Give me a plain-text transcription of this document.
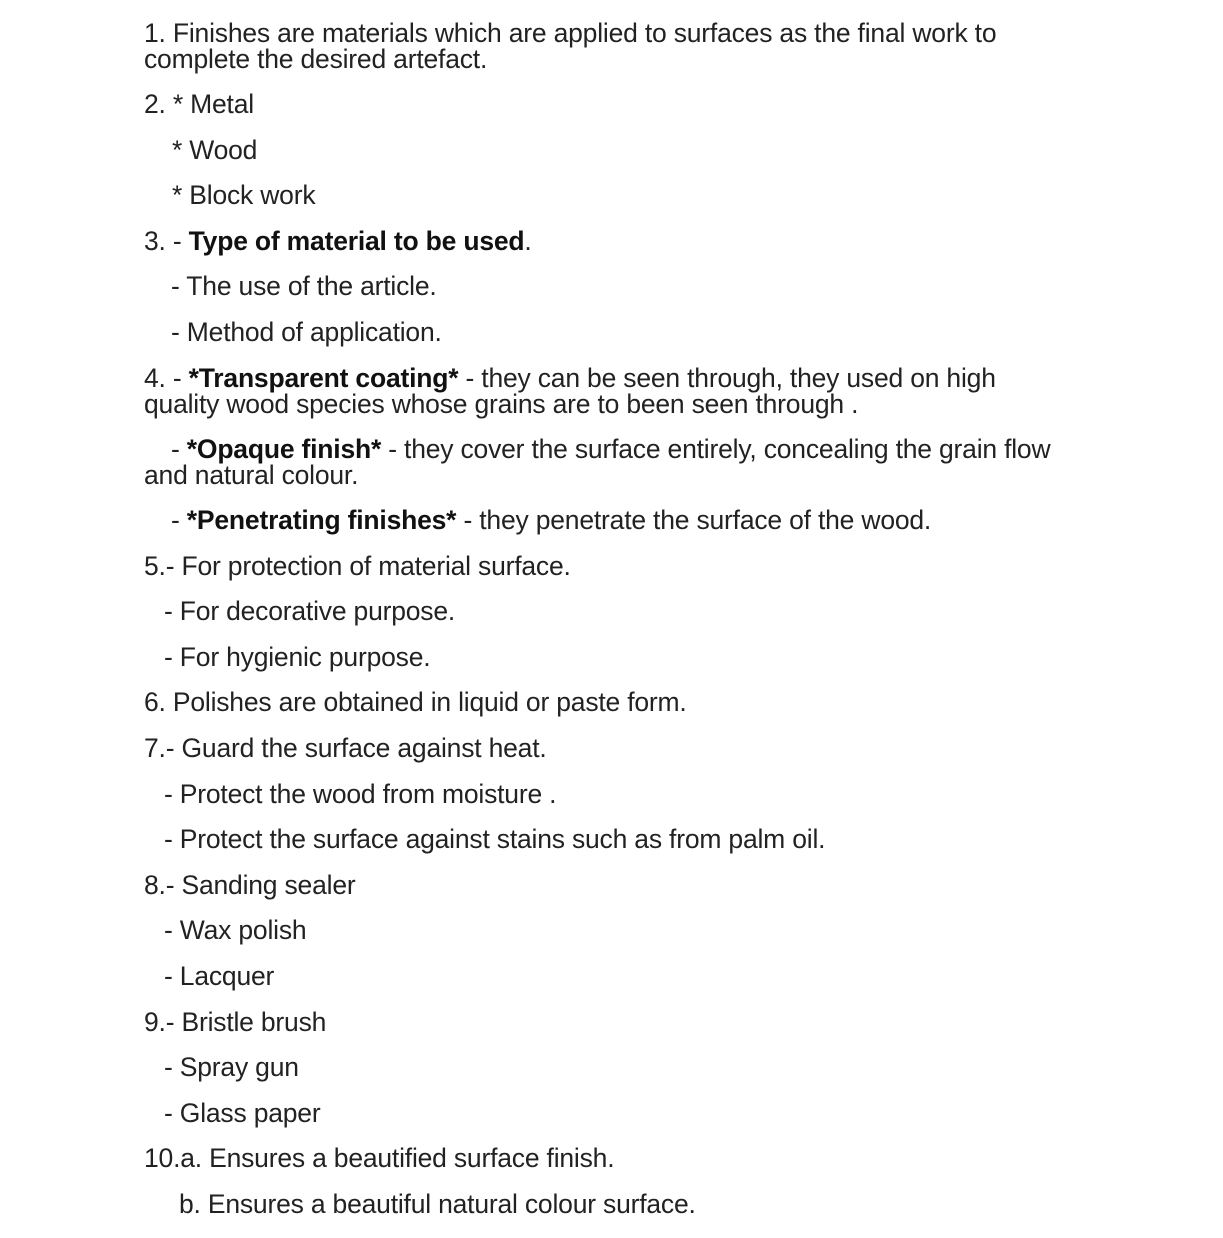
1. Finishes are materials which are applied to surfaces as the final work to complete the desired artefact.
2. * Metal
* Wood
* Block work
3. - Type of material to be used.
- The use of the article.
- Method of application.
4. - *Transparent coating* - they can be seen through, they used on high quality wood species whose grains are to been seen through .
- *Opaque finish* - they cover the surface entirely, concealing the grain flow and natural colour.
- *Penetrating finishes* - they penetrate the surface of the wood.
5.- For protection of material surface.
- For decorative purpose.
- For hygienic purpose.
6. Polishes are obtained in liquid or paste form.
7.- Guard the surface against heat.
- Protect the wood from moisture .
- Protect the surface against stains such as from palm oil.
8.- Sanding sealer
- Wax polish
- Lacquer
9.- Bristle brush
- Spray gun
- Glass paper
10.a. Ensures a beautified surface finish.
b. Ensures a beautiful natural colour surface.
